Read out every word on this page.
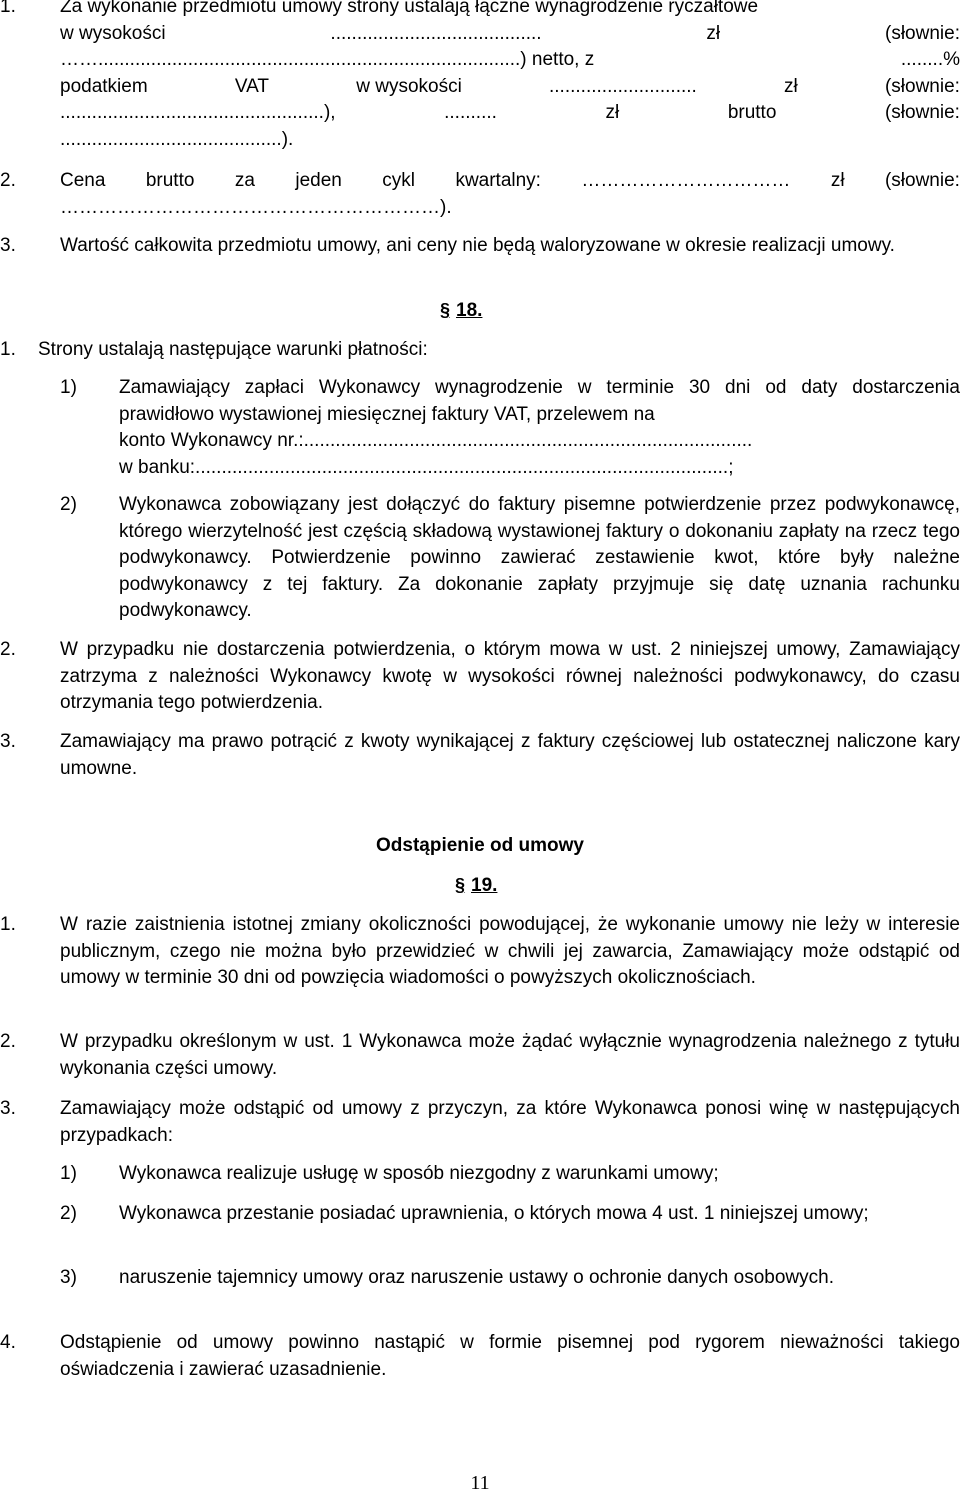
1. Za wykonanie przedmiotu umowy strony ustalają łączne wynagrodzenie ryczałtowe
w wysokości	........................................	zł	(słownie:
……................................................................................) netto, z	........%
podatkiem	VAT	w wysokości	............................	zł	(słownie:
..................................................),	..........	zł	brutto	(słownie:
..........................................).
2. Cena brutto za jeden cykl kwartalny: …………………………… zł (słownie:
……………………………………………………).
3. Wartość całkowita przedmiotu umowy, ani ceny nie będą waloryzowane w okresie realizacji umowy.
§ 18.
1. Strony ustalają następujące warunki płatności:
1) Zamawiający zapłaci Wykonawcy wynagrodzenie w terminie 30 dni od daty dostarczenia prawidłowo wystawionej miesięcznej faktury VAT, przelewem na
konto Wykonawcy nr.:.....................................................................................
w banku:.....................................................................................................;
2) Wykonawca zobowiązany jest dołączyć do faktury pisemne potwierdzenie przez podwykonawcę, którego wierzytelność jest częścią składową wystawionej faktury o dokonaniu zapłaty na rzecz tego podwykonawcy. Potwierdzenie powinno zawierać zestawienie kwot, które były należne podwykonawcy z tej faktury. Za dokonanie zapłaty przyjmuje się datę uznania rachunku podwykonawcy.
2. W przypadku nie dostarczenia potwierdzenia, o którym mowa w ust. 2 niniejszej umowy, Zamawiający zatrzyma z należności Wykonawcy kwotę w wysokości równej należności podwykonawcy, do czasu otrzymania tego potwierdzenia.
3. Zamawiający ma prawo potrącić z kwoty wynikającej z faktury częściowej lub ostatecznej naliczone kary umowne.
Odstąpienie od umowy
§ 19.
1. W razie zaistnienia istotnej zmiany okoliczności powodującej, że wykonanie umowy nie leży w interesie publicznym, czego nie można było przewidzieć w chwili jej zawarcia, Zamawiający może odstąpić od umowy w terminie 30 dni od powzięcia wiadomości o powyższych okolicznościach.
2. W przypadku określonym w ust. 1 Wykonawca może żądać wyłącznie wynagrodzenia należnego z tytułu wykonania części umowy.
3. Zamawiający może odstąpić od umowy z przyczyn, za które Wykonawca ponosi winę w następujących przypadkach:
1) Wykonawca realizuje usługę w sposób niezgodny z warunkami umowy;
2) Wykonawca przestanie posiadać uprawnienia, o których mowa 4 ust. 1 niniejszej umowy;
3) naruszenie tajemnicy umowy oraz naruszenie ustawy o ochronie danych osobowych.
4. Odstąpienie od umowy powinno nastąpić w formie pisemnej pod rygorem nieważności takiego oświadczenia i zawierać uzasadnienie.
11
